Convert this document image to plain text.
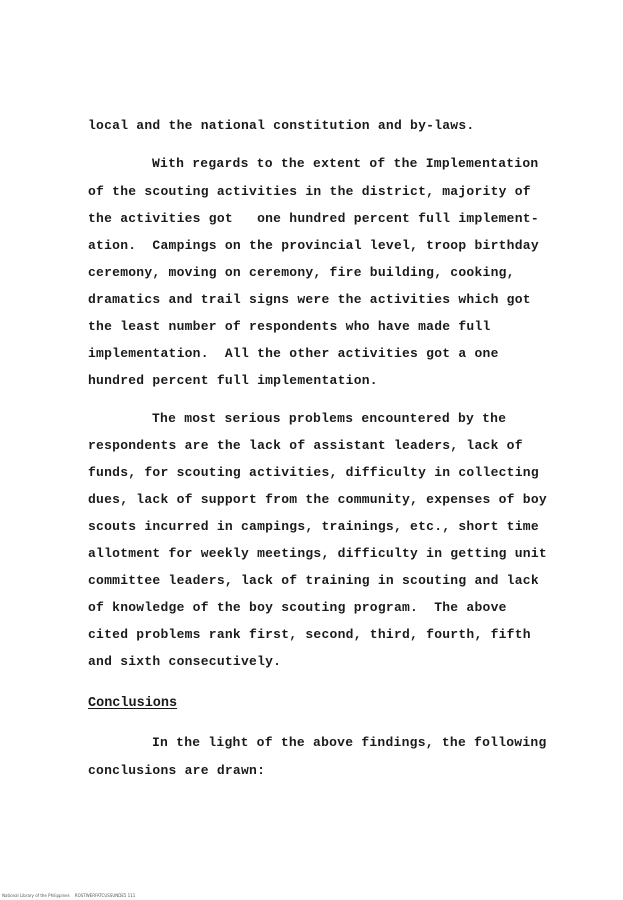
local and the national constitution and by-laws.
With regards to the extent of the Implementation
of the scouting activities in the district, majority of
the activities got   one hundred percent full implement-
ation.  Campings on the provincial level, troop birthday
ceremony, moving on ceremony, fire building, cooking,
dramatics and trail signs were the activities which got
the least number of respondents who have made full
implementation.  All the other activities got a one
hundred percent full implementation.
The most serious problems encountered by the
respondents are the lack of assistant leaders, lack of
funds, for scouting activities, difficulty in collecting
dues, lack of support from the community, expenses of boy
scouts incurred in campings, trainings, etc., short time
allotment for weekly meetings, difficulty in getting unit
committee leaders, lack of training in scouting and lack
of knowledge of the boy scouting program.  The above
cited problems rank first, second, third, fourth, fifth
and sixth consecutively.
Conclusions
In the light of the above findings, the following
conclusions are drawn:
National Library of the Philippines    ROSTWERFATCUSSUNDE5 111
